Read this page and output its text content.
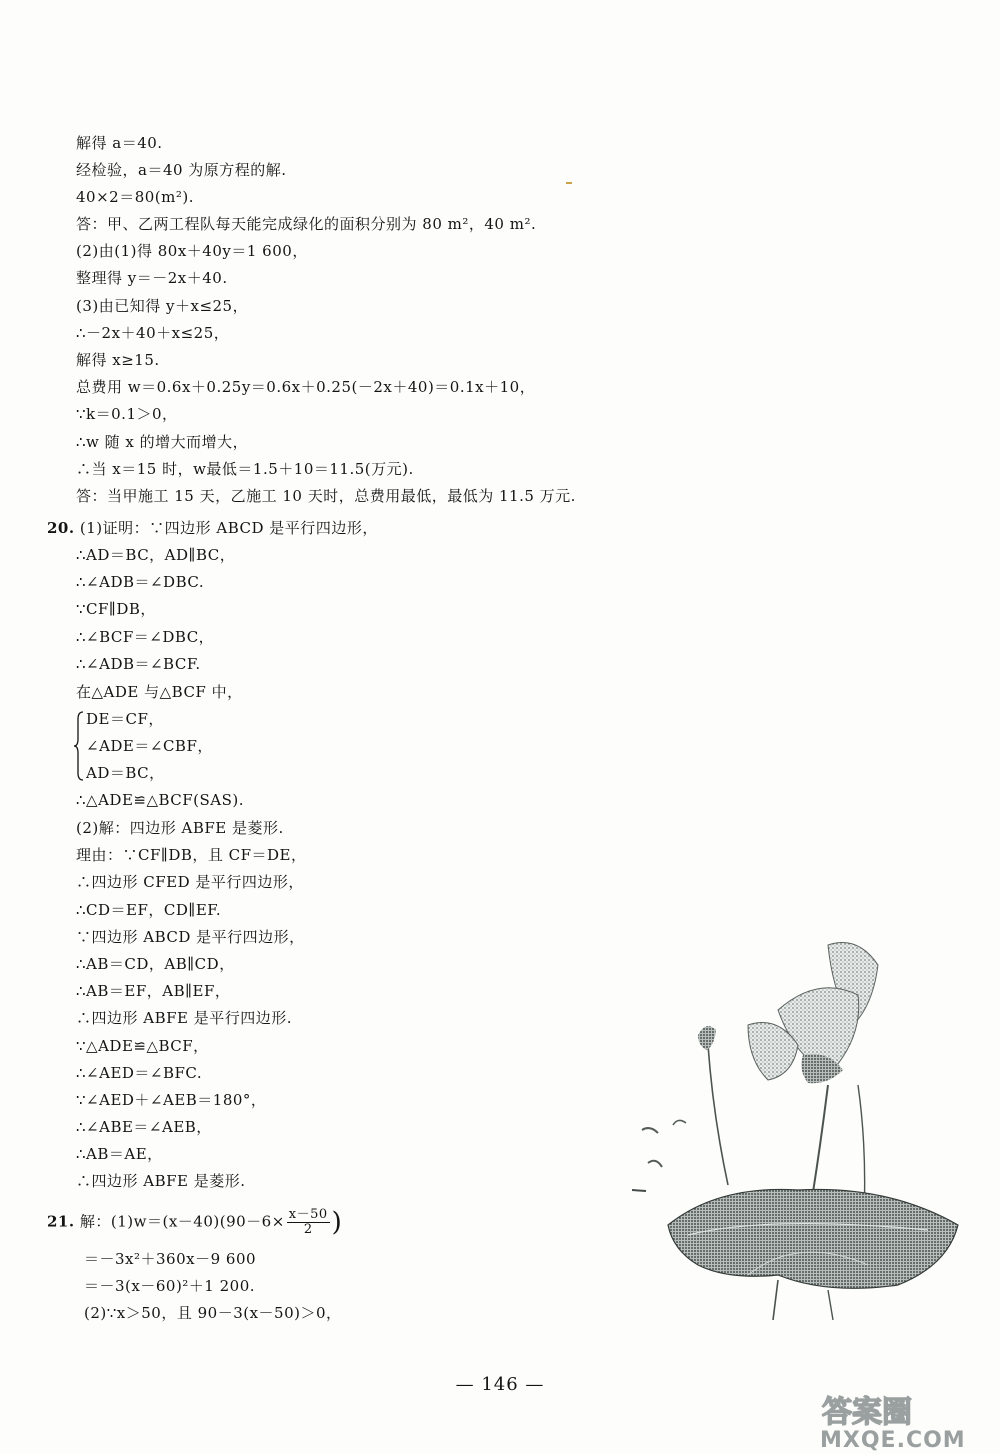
解得 a＝40.
经检验，a＝40 为原方程的解.
40×2＝80(m²).
答：甲、乙两工程队每天能完成绿化的面积分别为 80 m²，40 m².
(2)由(1)得 80x＋40y＝1 600，
整理得 y＝－2x＋40.
(3)由已知得 y＋x≤25，
∴－2x＋40＋x≤25，
解得 x≥15.
总费用 w＝0.6x＋0.25y＝0.6x＋0.25(－2x＋40)＝0.1x＋10，
∵k＝0.1＞0，
∴w 随 x 的增大而增大，
∴当 x＝15 时，w最低＝1.5＋10＝11.5(万元).
答：当甲施工 15 天，乙施工 10 天时，总费用最低，最低为 11.5 万元.
20. (1)证明：∵四边形 ABCD 是平行四边形，
∴AD＝BC，AD∥BC，
∴∠ADB＝∠DBC.
∵CF∥DB，
∴∠BCF＝∠DBC，
∴∠ADB＝∠BCF.
在△ADE 与△BCF 中，
DE＝CF，
∠ADE＝∠CBF，
AD＝BC，
∴△ADE≌△BCF(SAS).
(2)解：四边形 ABFE 是菱形.
理由：∵CF∥DB，且 CF＝DE，
∴四边形 CFED 是平行四边形，
∴CD＝EF，CD∥EF.
∵四边形 ABCD 是平行四边形，
∴AB＝CD，AB∥CD，
∴AB＝EF，AB∥EF，
∴四边形 ABFE 是平行四边形.
∵△ADE≌△BCF，
∴∠AED＝∠BFC.
∵∠AED＋∠AEB＝180°，
∴∠ABE＝∠AEB，
∴AB＝AE，
∴四边形 ABFE 是菱形.
21. 解：$(1)w=(x-40)(90-6\times \frac{x-50}{2}$ )
＝－3x²＋360x－9 600
＝－3(x－60)²＋1 200.
(2)∵x＞50，且 90－3(x－50)＞0，
— 146 —
答案圈
MXQE.COM
